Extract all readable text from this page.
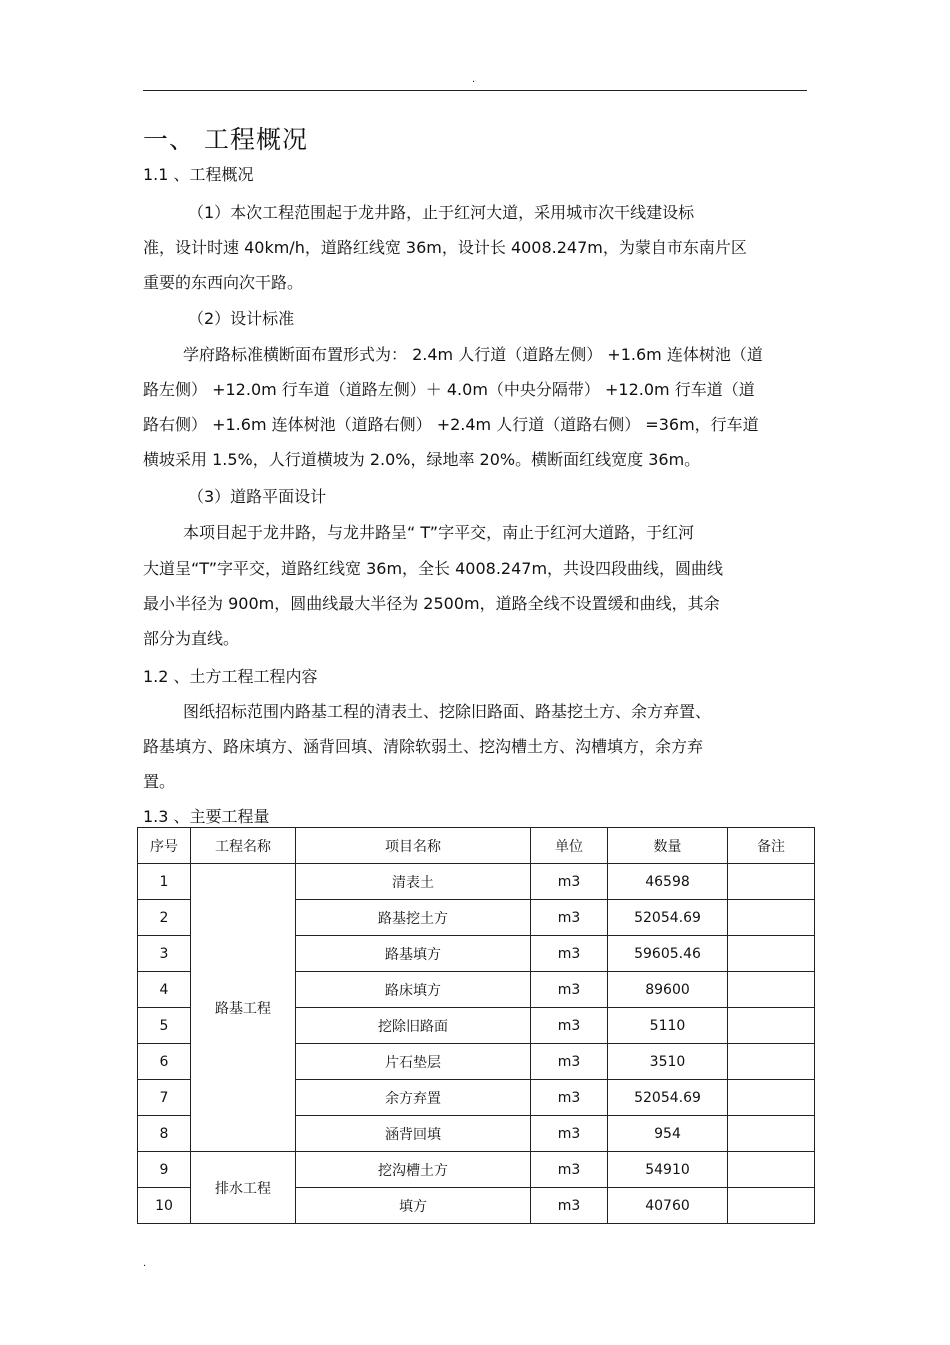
.
一、 工程概况
1.1 、工程概况
（1）本次工程范围起于龙井路，止于红河大道，采用城市次干线建设标
准，设计时速 40km/h，道路红线宽 36m，设计长 4008.247m，为蒙自市东南片区
重要的东西向次干路。
（2）设计标准
学府路标准横断面布置形式为： 2.4m 人行道（道路左侧） +1.6m 连体树池（道
路左侧） +12.0m 行车道（道路左侧）＋ 4.0m（中央分隔带） +12.0m 行车道（道
路右侧） +1.6m 连体树池（道路右侧） +2.4m 人行道（道路右侧） =36m，行车道
横坡采用 1.5%，人行道横坡为 2.0%，绿地率 20%。横断面红线宽度 36m。
（3）道路平面设计
本项目起于龙井路，与龙井路呈“ T”字平交，南止于红河大道路，于红河
大道呈“T”字平交，道路红线宽 36m，全长 4008.247m，共设四段曲线，圆曲线
最小半径为 900m，圆曲线最大半径为 2500m，道路全线不设置缓和曲线，其余
部分为直线。
1.2 、土方工程工程内容
图纸招标范围内路基工程的清表土、挖除旧路面、路基挖土方、余方弃置、
路基填方、路床填方、涵背回填、清除软弱土、挖沟槽土方、沟槽填方，余方弃
置。
1.3 、主要工程量
序号	工程名称	项目名称	单位	数量	备注
1	路基工程	清表土	m3	46598	
2		路基挖土方	m3	52054.69	
3		路基填方	m3	59605.46	
4		路床填方	m3	89600	
5		挖除旧路面	m3	5110	
6		片石垫层	m3	3510	
7		余方弃置	m3	52054.69	
8		涵背回填	m3	954	
9	排水工程	挖沟槽土方	m3	54910	
10		填方	m3	40760	
.
